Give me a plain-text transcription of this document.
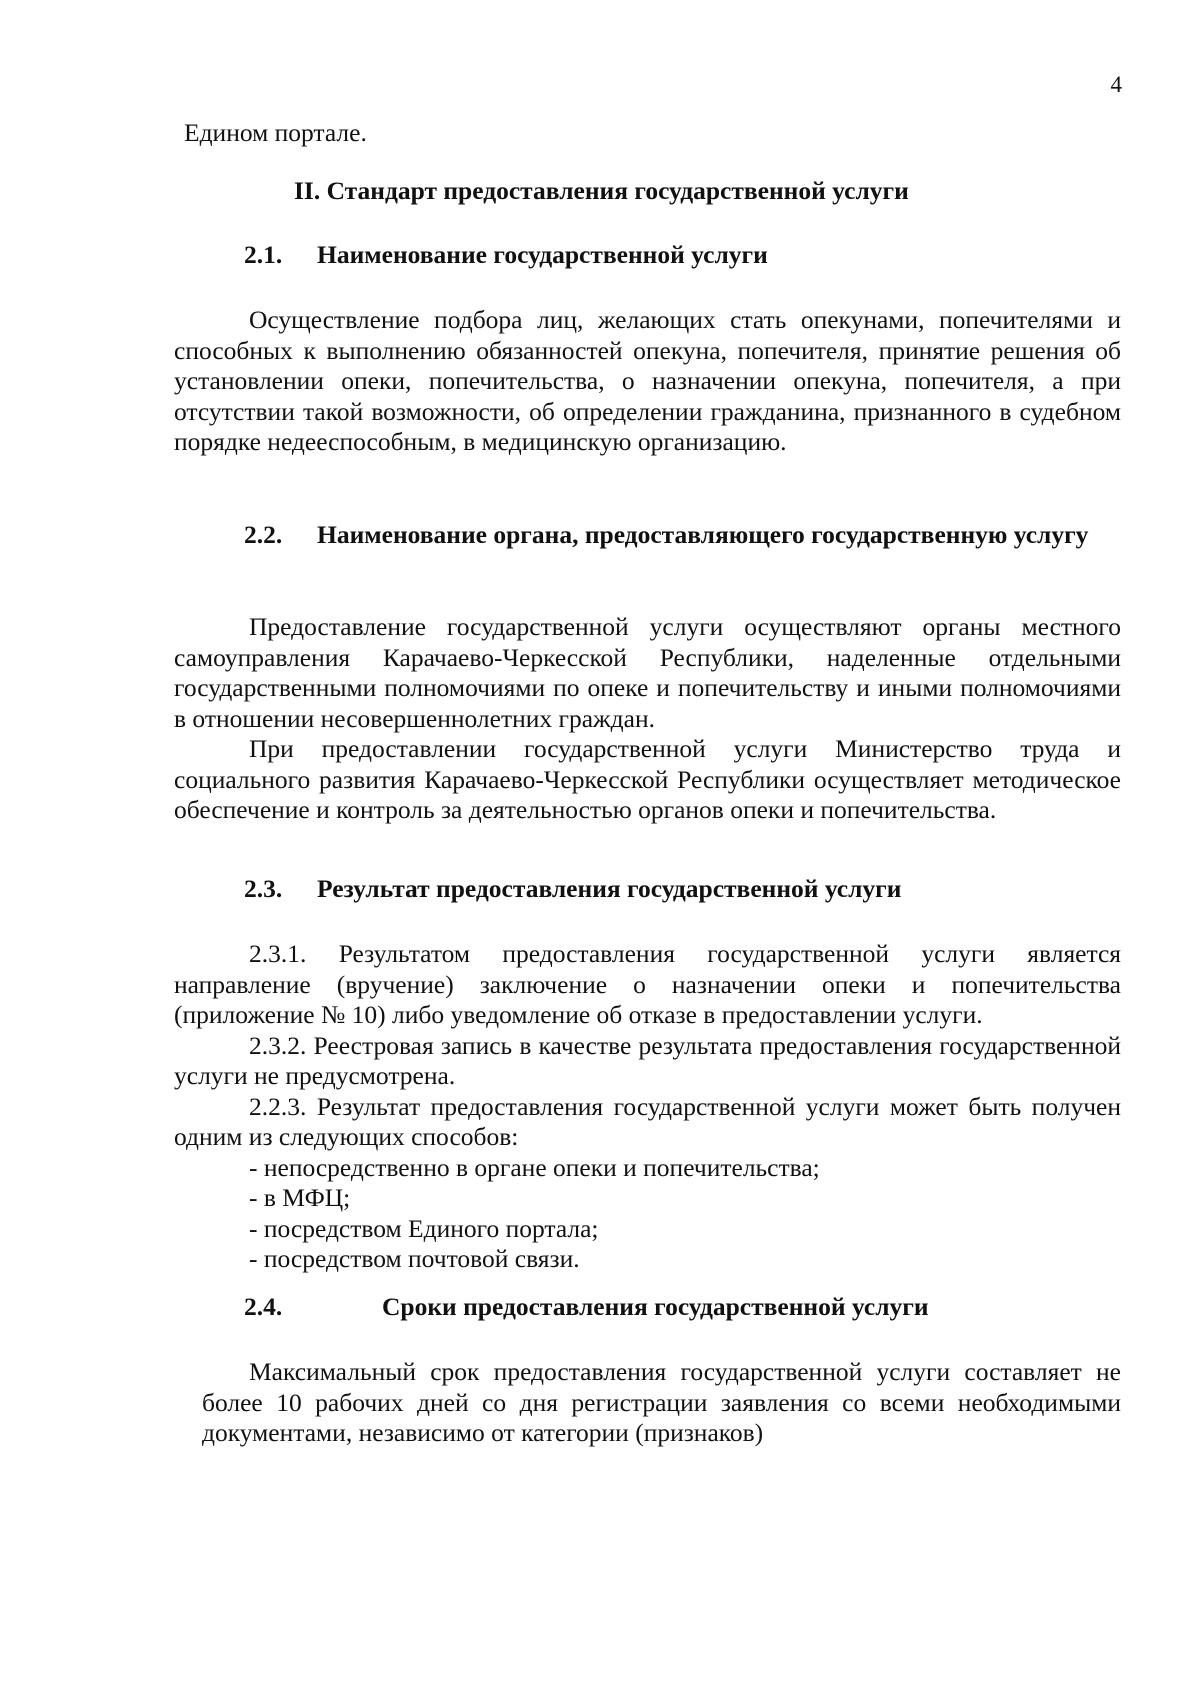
4
Едином портале.
II. Стандарт предоставления государственной услуги
2.1. Наименование государственной услуги

Осуществление подбора лиц, желающих стать опекунами, попечителями и способных к выполнению обязанностей опекуна, попечителя, принятие решения об установлении опеки, попечительства, о назначении опекуна, попечителя, а при отсутствии такой возможности, об определении гражданина, признанного в судебном порядке недееспособным, в медицинскую организацию.

2.2. Наименование органа, предоставляющего государственную услугу

Предоставление государственной услуги осуществляют органы местного самоуправления Карачаево-Черкесской Республики, наделенные отдельными государственными полномочиями по опеке и попечительству и иными полномочиями в отношении несовершеннолетних граждан.

При предоставлении государственной услуги Министерство труда и социального развития Карачаево-Черкесской Республики осуществляет методическое обеспечение и контроль за деятельностью органов опеки и попечительства.

2.3. Результат предоставления государственной услуги

2.3.1. Результатом предоставления государственной услуги является направление (вручение) заключение о назначении опеки и попечительства (приложение № 10) либо уведомление об отказе в предоставлении услуги.

2.3.2. Реестровая запись в качестве результата предоставления государственной услуги не предусмотрена.

2.2.3. Результат предоставления государственной услуги может быть получен одним из следующих способов:

- непосредственно в органе опеки и попечительства;

- в МФЦ;

- посредством Единого портала;

- посредством почтовой связи.

2.4.	Сроки предоставления государственной услуги

Максимальный срок предоставления государственной услуги составляет не более 10 рабочих дней со дня регистрации заявления со всеми необходимыми документами, независимо от категории (признаков)
